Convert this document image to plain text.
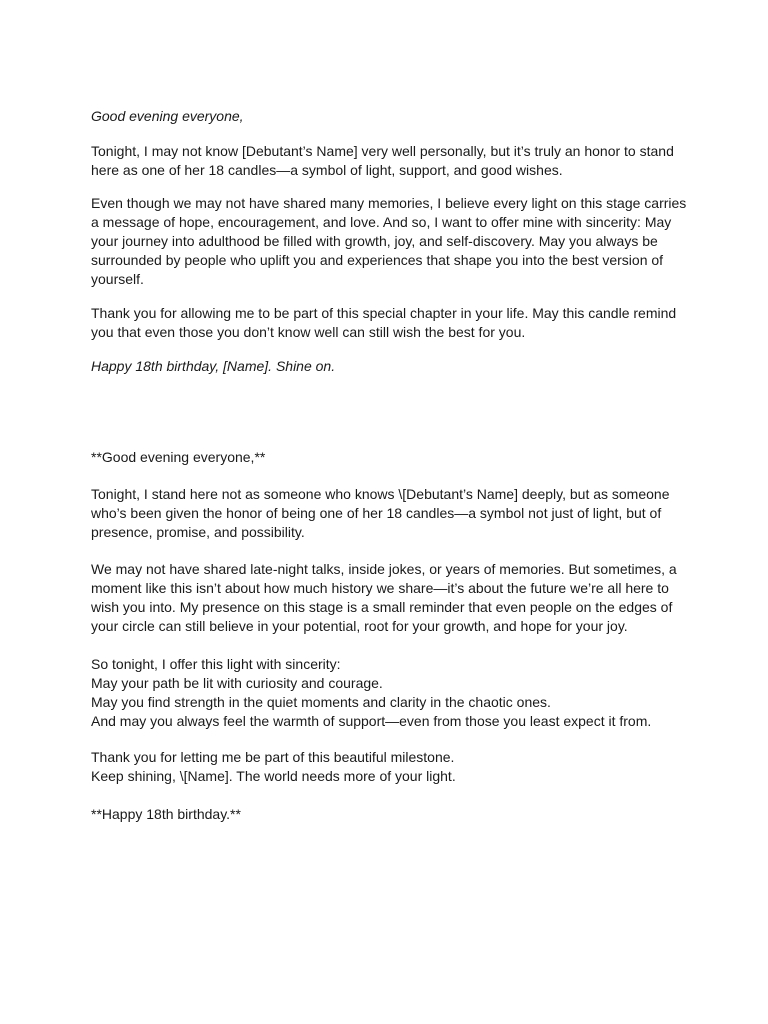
Good evening everyone,

Tonight, I may not know [Debutant’s Name] very well personally, but it’s truly an honor to stand
here as one of her 18 candles—a symbol of light, support, and good wishes.
Even though we may not have shared many memories, I believe every light on this stage carries
a message of hope, encouragement, and love. And so, I want to offer mine with sincerity: May
your journey into adulthood be filled with growth, joy, and self-discovery. May you always be
surrounded by people who uplift you and experiences that shape you into the best version of
yourself.
Thank you for allowing me to be part of this special chapter in your life. May this candle remind
you that even those you don’t know well can still wish the best for you.

Happy 18th birthday, [Name]. Shine on.

**Good evening everyone,**

Tonight, I stand here not as someone who knows \[Debutant’s Name] deeply, but as someone
who’s been given the honor of being one of her 18 candles—a symbol not just of light, but of
presence, promise, and possibility.
We may not have shared late-night talks, inside jokes, or years of memories. But sometimes, a
moment like this isn’t about how much history we share—it’s about the future we’re all here to
wish you into. My presence on this stage is a small reminder that even people on the edges of
your circle can still believe in your potential, root for your growth, and hope for your joy.
So tonight, I offer this light with sincerity:
May your path be lit with curiosity and courage.
May you find strength in the quiet moments and clarity in the chaotic ones.
And may you always feel the warmth of support—even from those you least expect it from.
Thank you for letting me be part of this beautiful milestone.
Keep shining, \[Name]. The world needs more of your light.

**Happy 18th birthday.**
